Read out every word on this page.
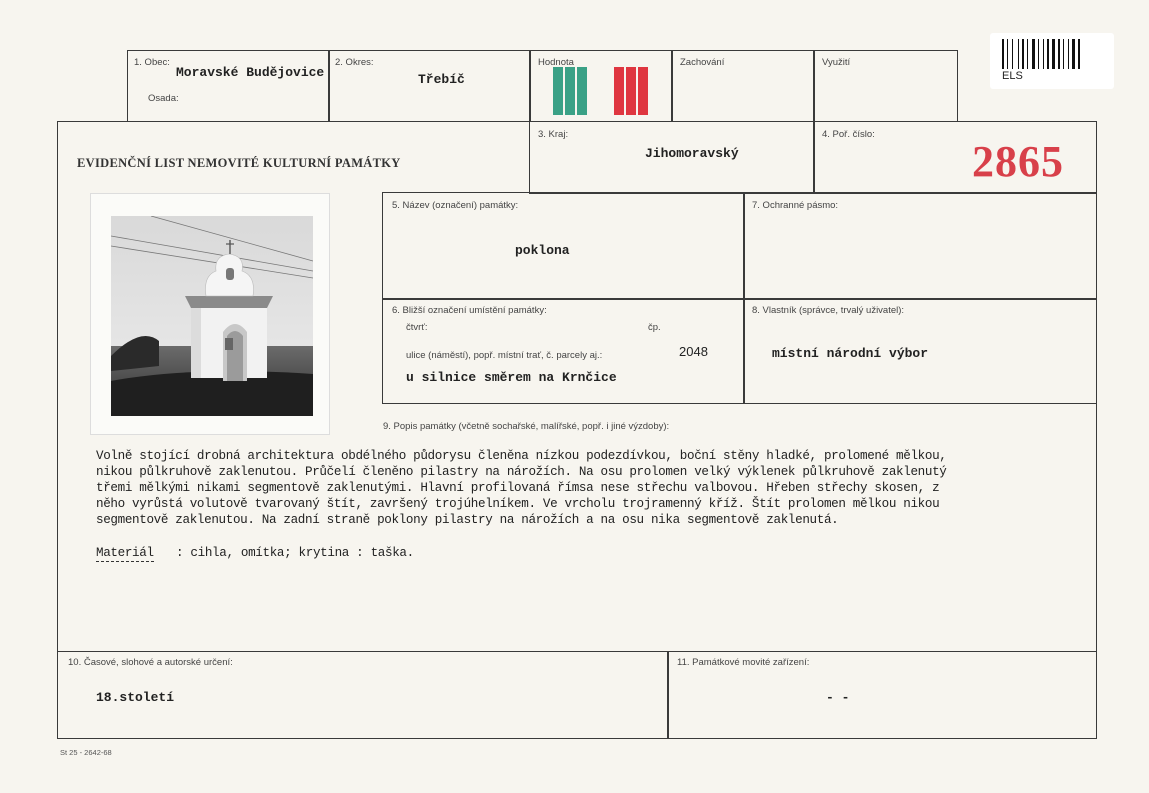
ELS
1. Obec:
Moravské Budějovice
Osada:
2. Okres:
Třebíč
Hodnota	Zachování	Využití
EVIDENČNÍ LIST NEMOVITÉ KULTURNÍ PAMÁTKY
3. Kraj:
Jihomoravský
4. Poř. číslo:
2865
5. Název (označení) památky:
poklona
7. Ochranné pásmo:
6. Bližší označení umístění památky:
čtvrť:	čp.
ulice (náměstí), popř. místní trať, č. parcely aj.:	2048
u silnice směrem na Krnčice
8. Vlastník (správce, trvalý uživatel):
místní národní výbor
9. Popis památky (včetně sochařské, malířské, popř. i jiné výzdoby):
Volně stojící drobná architektura obdélného půdorysu členěna nízkou podezdívkou, boční stěny hladké, prolomené mělkou,
nikou půlkruhově zaklenutou. Průčelí členěno pilastry na nárožích. Na osu prolomen velký výklenek půlkruhově zaklenutý
třemi mělkými nikami segmentově zaklenutými. Hlavní profilovaná římsa nese střechu valbovou. Hřeben střechy skosen, z
něho vyrůstá volutově tvarovaný štít, završený trojúhelníkem. Ve vrcholu trojramenný kříž. Štít prolomen mělkou nikou
segmentově zaklenutou. Na zadní straně poklony pilastry na nárožích a na osu nika segmentově zaklenutá.
Materiál : cihla, omítka; krytina : taška.
10. Časové, slohové a autorské určení:
18.století
11. Památkové movité zařízení:
- -
St 25 - 2642-68
